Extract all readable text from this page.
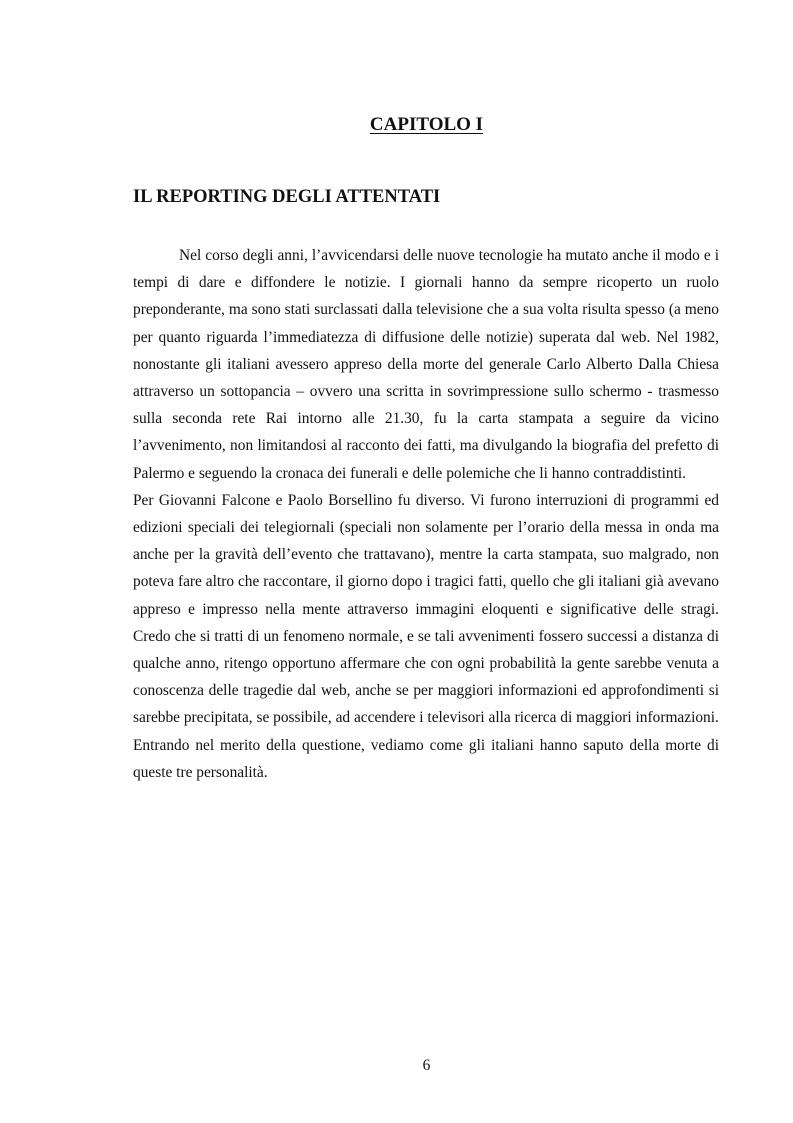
CAPITOLO I
IL REPORTING DEGLI ATTENTATI

Nel corso degli anni, l’avvicendarsi delle nuove tecnologie ha mutato anche il modo e i tempi di dare e diffondere le notizie. I giornali hanno da sempre ricoperto un ruolo preponderante, ma sono stati surclassati dalla televisione che a sua volta risulta spesso (a meno per quanto riguarda l’immediatezza di diffusione delle notizie) superata dal web. Nel 1982, nonostante gli italiani avessero appreso della morte del generale Carlo Alberto Dalla Chiesa attraverso un sottopancia – ovvero una scritta in sovrimpressione sullo schermo - trasmesso sulla seconda rete Rai intorno alle 21.30, fu la carta stampata a seguire da vicino l’avvenimento, non limitandosi al racconto dei fatti, ma divulgando la biografia del prefetto di Palermo e seguendo la cronaca dei funerali e delle polemiche che li hanno contraddistinti.

Per Giovanni Falcone e Paolo Borsellino fu diverso. Vi furono interruzioni di programmi ed edizioni speciali dei telegiornali (speciali non solamente per l’orario della messa in onda ma anche per la gravità dell’evento che trattavano), mentre la carta stampata, suo malgrado, non poteva fare altro che raccontare, il giorno dopo i tragici fatti, quello che gli italiani già avevano appreso e impresso nella mente attraverso immagini eloquenti e significative delle stragi. Credo che si tratti di un fenomeno normale, e se tali avvenimenti fossero successi a distanza di qualche anno, ritengo opportuno affermare che con ogni probabilità la gente sarebbe venuta a conoscenza delle tragedie dal web, anche se per maggiori informazioni ed approfondimenti si sarebbe precipitata, se possibile, ad accendere i televisori alla ricerca di maggiori informazioni.

Entrando nel merito della questione, vediamo come gli italiani hanno saputo della morte di queste tre personalità.

6
